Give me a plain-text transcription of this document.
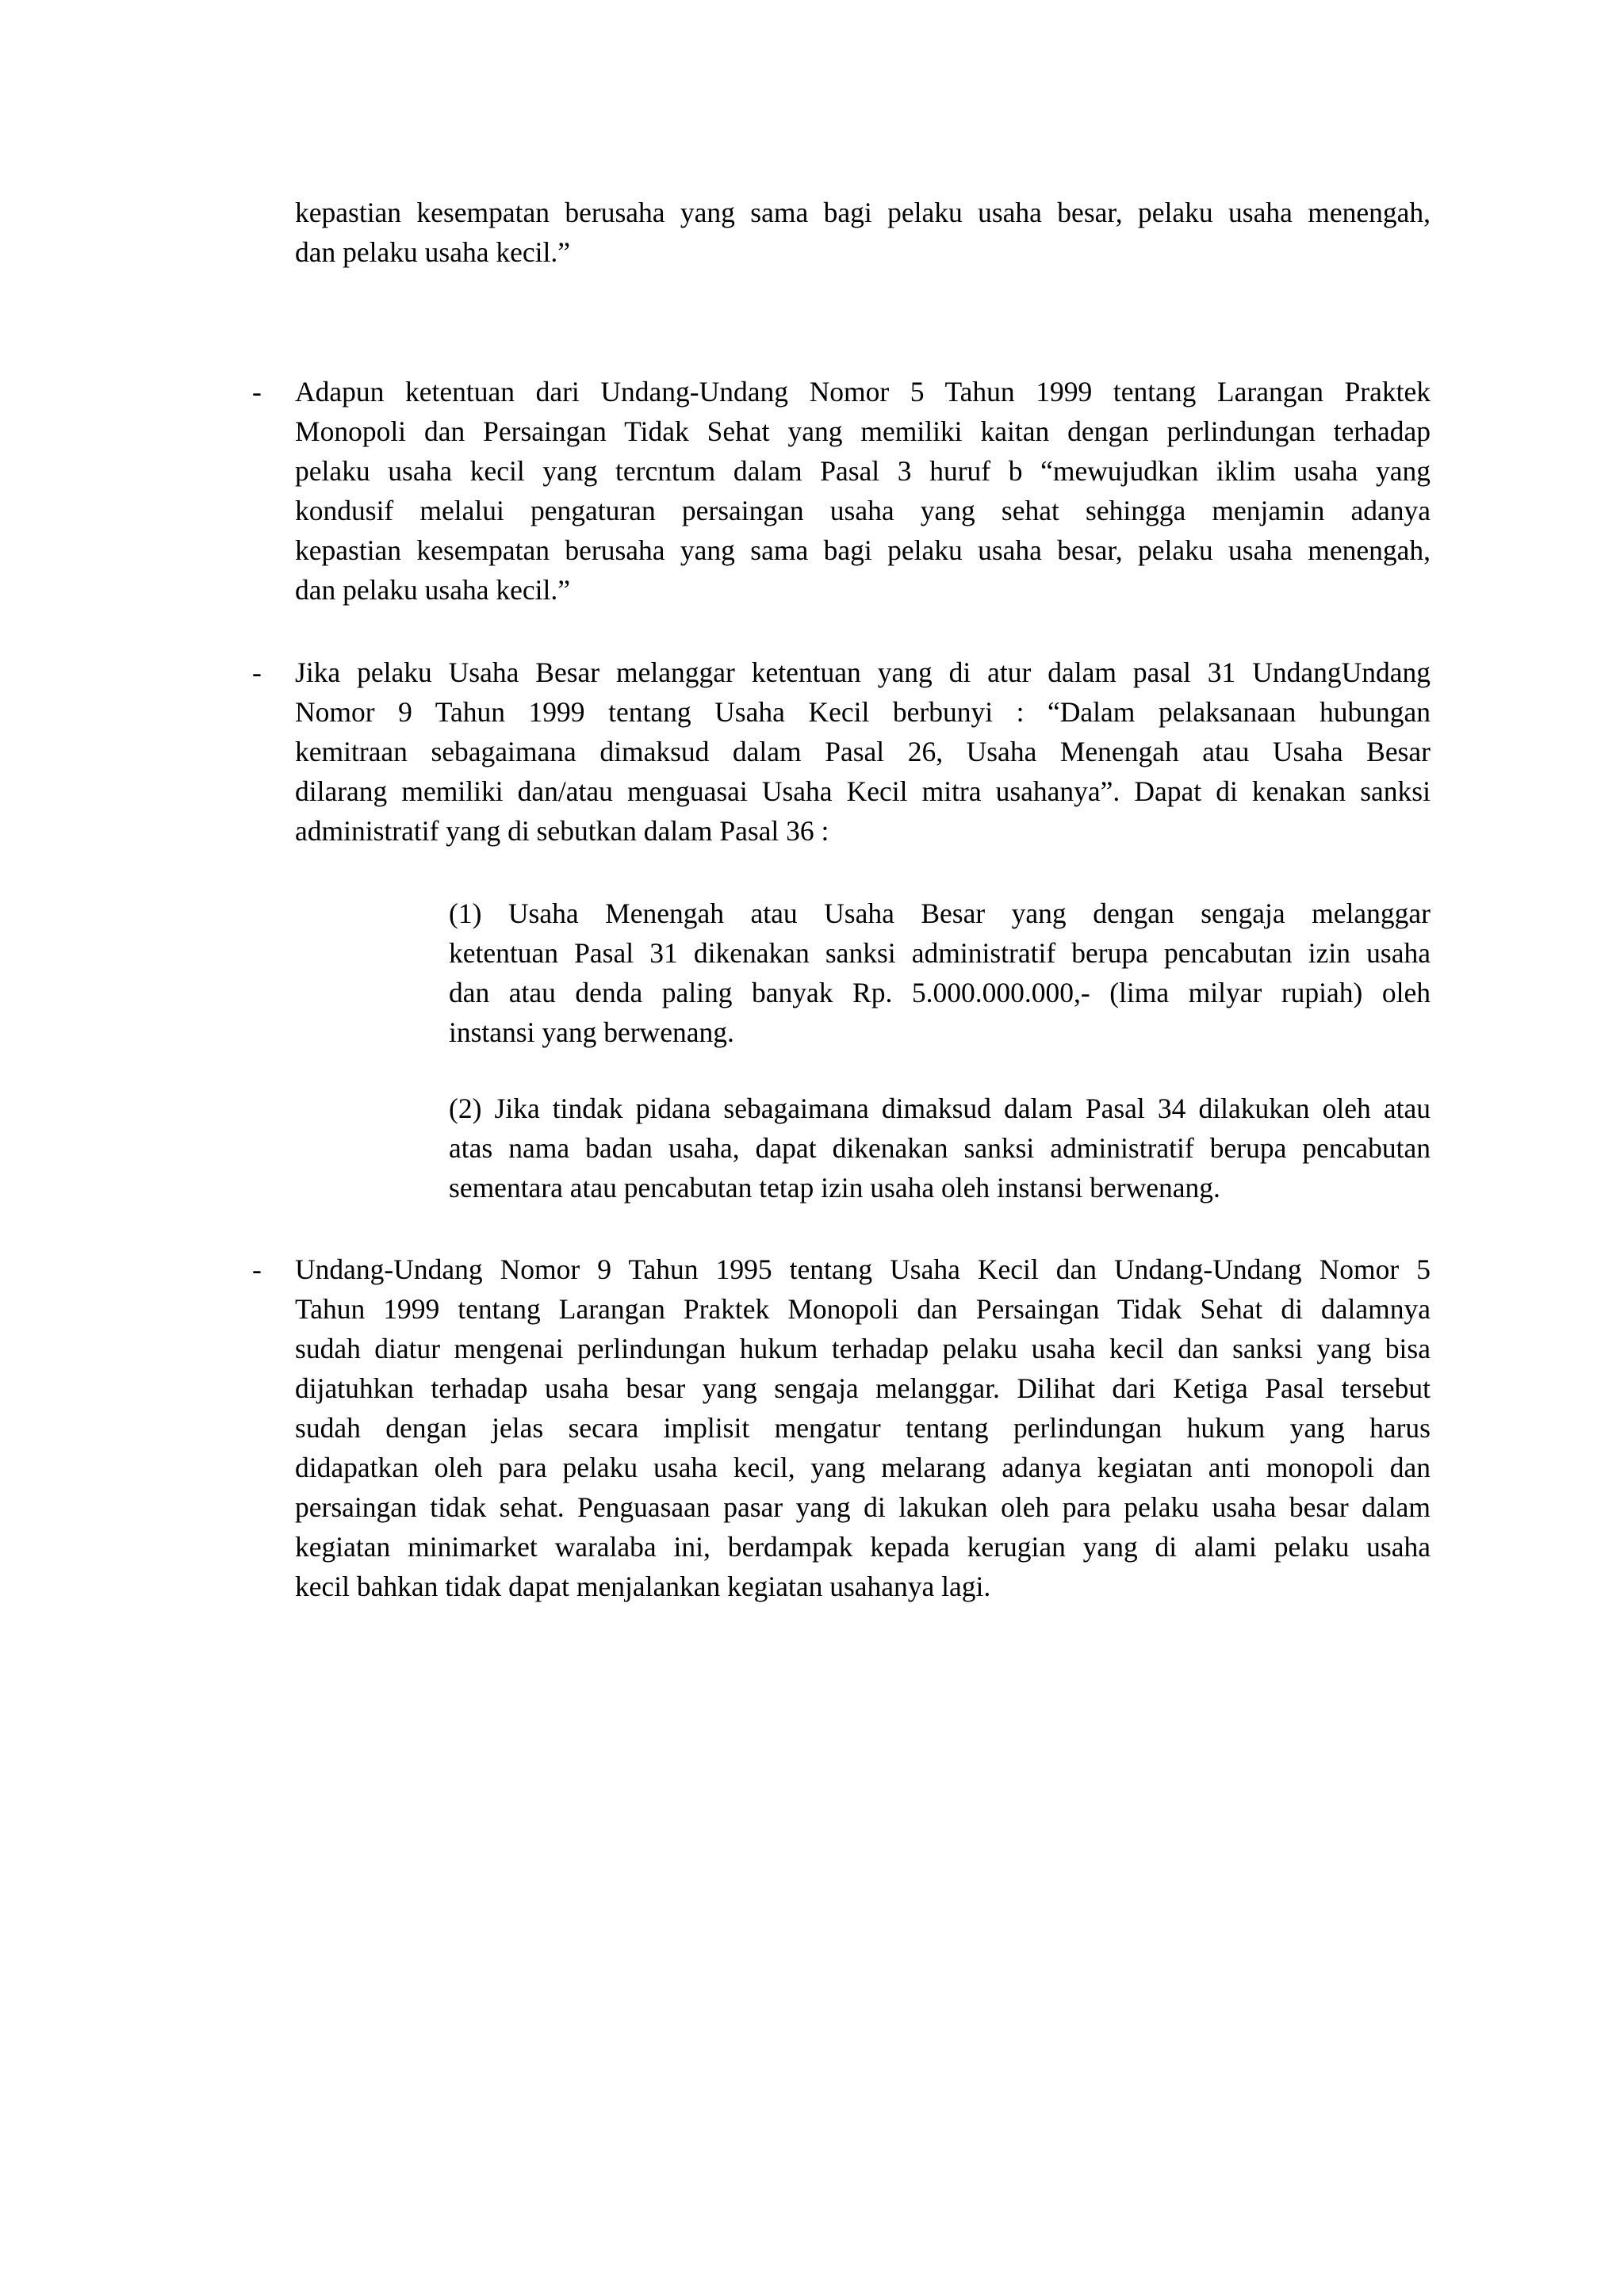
kepastian kesempatan berusaha yang sama bagi pelaku usaha besar, pelaku usaha menengah,
dan pelaku usaha kecil.”
-	Adapun ketentuan dari Undang-Undang Nomor 5 Tahun 1999 tentang Larangan Praktek
Monopoli dan Persaingan Tidak Sehat yang memiliki kaitan dengan perlindungan terhadap
pelaku usaha kecil yang tercntum dalam Pasal 3 huruf b “mewujudkan iklim usaha yang
kondusif melalui pengaturan persaingan usaha yang sehat sehingga menjamin adanya
kepastian kesempatan berusaha yang sama bagi pelaku usaha besar, pelaku usaha menengah,
dan pelaku usaha kecil.”
-	Jika pelaku Usaha Besar melanggar ketentuan yang di atur dalam pasal 31 UndangUndang
Nomor 9 Tahun 1999 tentang Usaha Kecil berbunyi : “Dalam pelaksanaan hubungan
kemitraan sebagaimana dimaksud dalam Pasal 26, Usaha Menengah atau Usaha Besar
dilarang memiliki dan/atau menguasai Usaha Kecil mitra usahanya”. Dapat di kenakan sanksi
administratif yang di sebutkan dalam Pasal 36 :
(1) Usaha Menengah atau Usaha Besar yang dengan sengaja melanggar
ketentuan Pasal 31 dikenakan sanksi administratif berupa pencabutan izin usaha
dan atau denda paling banyak Rp. 5.000.000.000,- (lima milyar rupiah) oleh
instansi yang berwenang.
(2) Jika tindak pidana sebagaimana dimaksud dalam Pasal 34 dilakukan oleh atau
atas nama badan usaha, dapat dikenakan sanksi administratif berupa pencabutan
sementara atau pencabutan tetap izin usaha oleh instansi berwenang.
-	Undang-Undang Nomor 9 Tahun 1995 tentang Usaha Kecil dan Undang-Undang Nomor 5
Tahun 1999 tentang Larangan Praktek Monopoli dan Persaingan Tidak Sehat di dalamnya
sudah diatur mengenai perlindungan hukum terhadap pelaku usaha kecil dan sanksi yang bisa
dijatuhkan terhadap usaha besar yang sengaja melanggar. Dilihat dari Ketiga Pasal tersebut
sudah dengan jelas secara implisit mengatur tentang perlindungan hukum yang harus
didapatkan oleh para pelaku usaha kecil, yang melarang adanya kegiatan anti monopoli dan
persaingan tidak sehat. Penguasaan pasar yang di lakukan oleh para pelaku usaha besar dalam
kegiatan minimarket waralaba ini, berdampak kepada kerugian yang di alami pelaku usaha
kecil bahkan tidak dapat menjalankan kegiatan usahanya lagi.
